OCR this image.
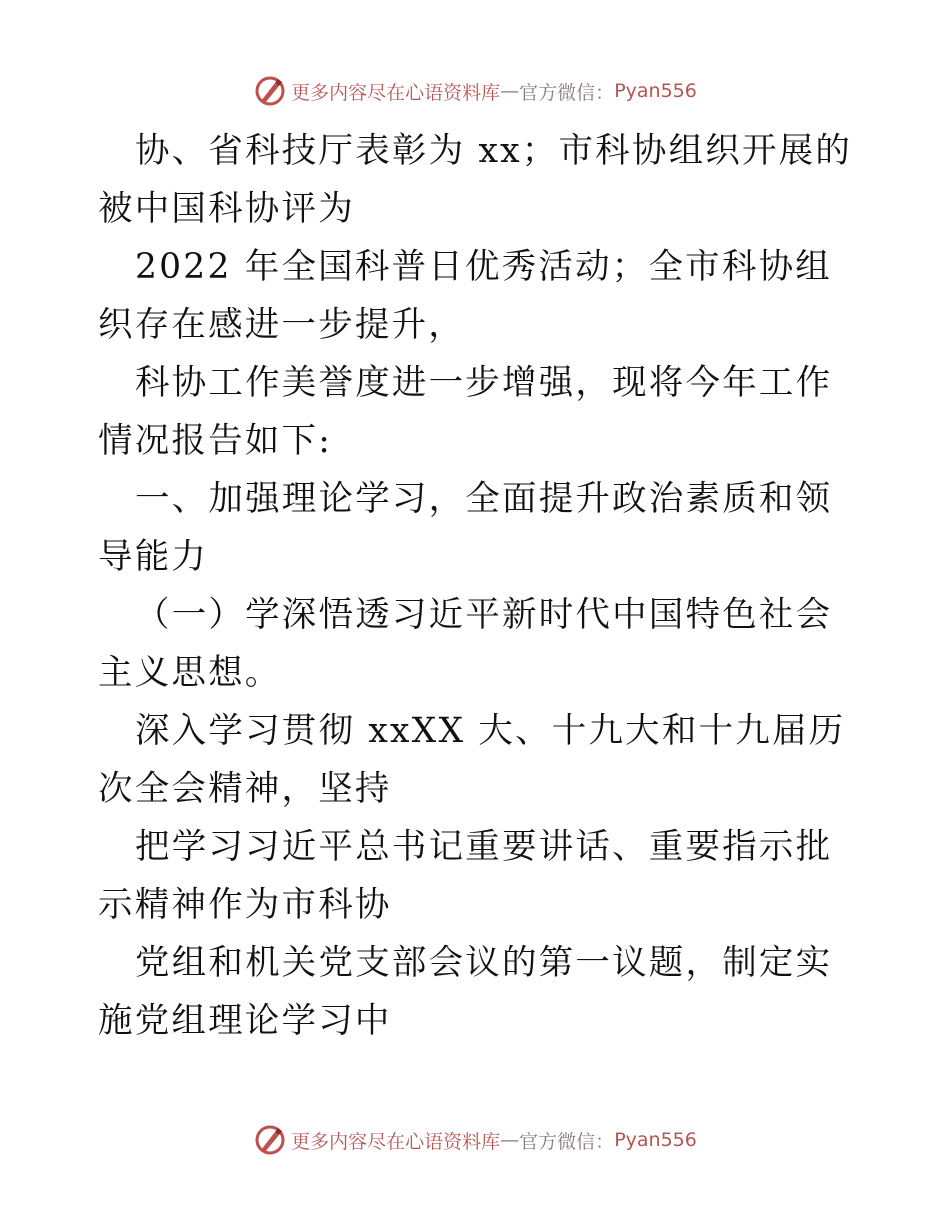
更多内容尽在心语资料库 — 官方微信： Pyan556

协、省科技厅表彰为 xx；市科协组织开展的被中国科协评为

2022 年全国科普日优秀活动；全市科协组织存在感进一步提升，

科协工作美誉度进一步增强，现将今年工作情况报告如下:

一、加强理论学习，全面提升政治素质和领导能力

（一）学深悟透习近平新时代中国特色社会主义思想。

深入学习贯彻 xxXX 大、十九大和十九届历次全会精神，坚持

把学习习近平总书记重要讲话、重要指示批示精神作为市科协

党组和机关党支部会议的第一议题，制定实施党组理论学习中

更多内容尽在心语资料库 — 官方微信： Pyan556
